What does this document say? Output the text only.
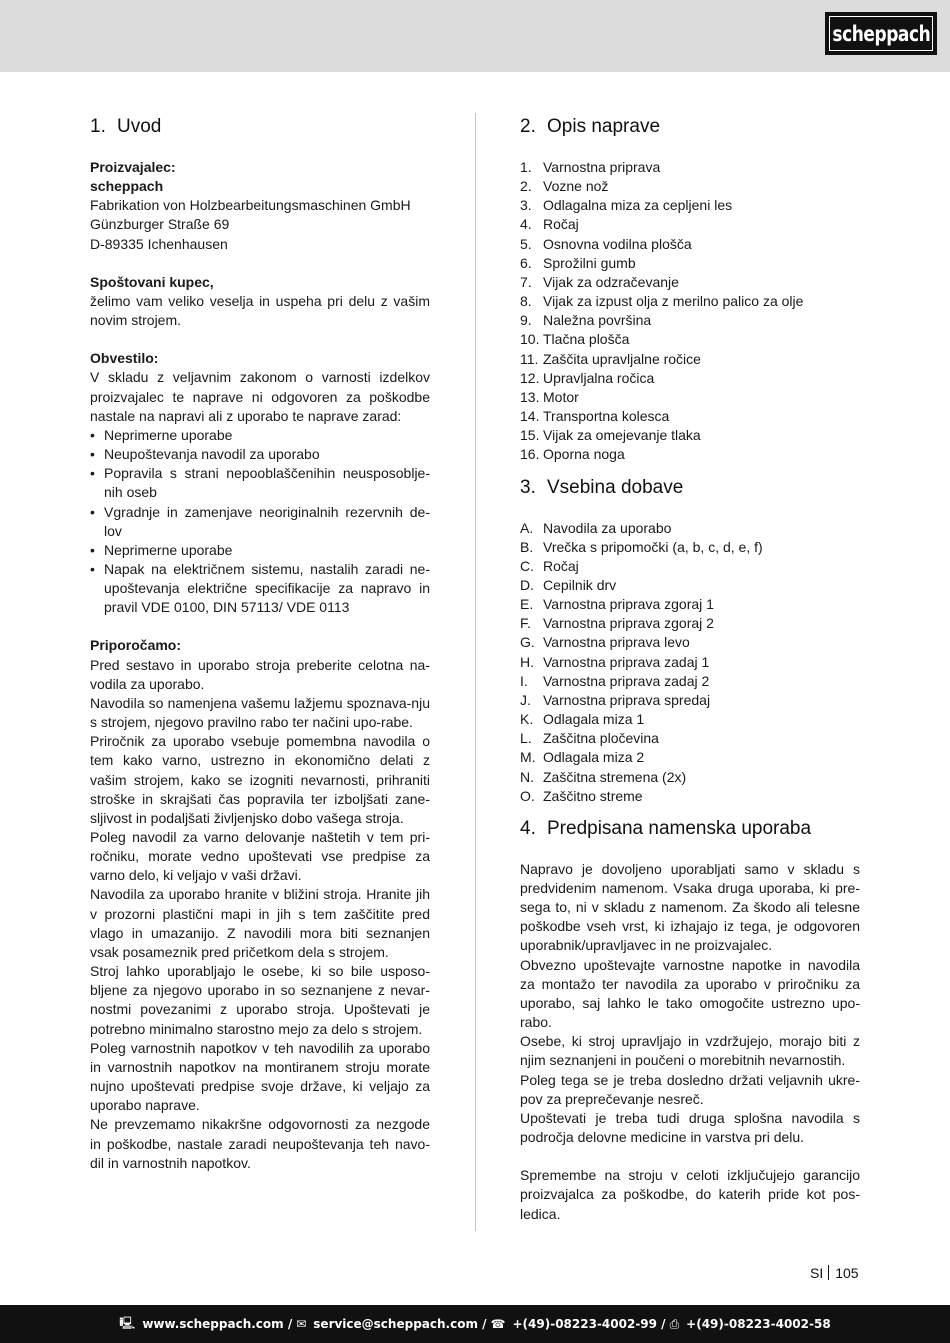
scheppach
1. Uvod
Proizvajalec:
scheppach
Fabrikation von Holzbearbeitungsmaschinen GmbH
Günzburger Straße 69
D-89335 Ichenhausen
Spoštovani kupec,

želimo vam veliko veselja in uspeha pri delu z vašim novim strojem.

Obvestilo:

V skladu z veljavnim zakonom o varnosti izdelkov proizvajalec te naprave ni odgovoren za poškodbe nastale na napravi ali z uporabo te naprave zarad:

• Neprimerne uporabe
• Neupoštevanja navodil za uporabo
• Popravila s strani nepooblaščenihin neusposoblje-nih oseb
• Vgradnje in zamenjave neoriginalnih rezervnih de-lov
• Neprimerne uporabe
• Napak na električnem sistemu, nastalih zaradi ne-upoštevanja električne specifikacije za napravo in pravil VDE 0100, DIN 57113/ VDE 0113
Priporočamo:

Pred sestavo in uporabo stroja preberite celotna na-vodila za uporabo.

Navodila so namenjena vašemu lažjemu spoznava-nju s strojem, njegovo pravilno rabo ter načini upo-rabe.

Priročnik za uporabo vsebuje pomembna navodila o tem kako varno, ustrezno in ekonomično delati z vašim strojem, kako se izogniti nevarnosti, prihraniti stroške in skrajšati čas popravila ter izboljšati zane-sljivost in podaljšati življenjsko dobo vašega stroja.

Poleg navodil za varno delovanje naštetih v tem pri-ročniku, morate vedno upoštevati vse predpise za varno delo, ki veljajo v vaši državi.

Navodila za uporabo hranite v bližini stroja. Hranite jih v prozorni plastični mapi in jih s tem zaščitite pred vlago in umazanijo. Z navodili mora biti seznanjen vsak posameznik pred pričetkom dela s strojem.

Stroj lahko uporabljajo le osebe, ki so bile usposo-bljene za njegovo uporabo in so seznanjene z nevar-nostmi povezanimi z uporabo stroja. Upoštevati je potrebno minimalno starostno mejo za delo s strojem.

Poleg varnostnih napotkov v teh navodilih za uporabo in varnostnih napotkov na montiranem stroju morate nujno upoštevati predpise svoje države, ki veljajo za uporabo naprave.

Ne prevzemamo nikakršne odgovornosti za nezgode in poškodbe, nastale zaradi neupoštevanja teh navo-dil in varnostnih napotkov.

2. Opis naprave
1. Varnostna priprava
2. Vozne nož
3. Odlagalna miza za cepljeni les
4. Ročaj
5. Osnovna vodilna plošča
6. Sprožilni gumb
7. Vijak za odzračevanje
8. Vijak za izpust olja z merilno palico za olje
9. Naležna površina
10. Tlačna plošča
11. Zaščita upravljalne ročice
12. Upravljalna ročica
13. Motor
14. Transportna kolesca
15. Vijak za omejevanje tlaka
16. Oporna noga
3. Vsebina dobave
A. Navodila za uporabo
B. Vrečka s pripomočki (a, b, c, d, e, f)
C. Ročaj
D. Cepilnik drv
E. Varnostna priprava zgoraj 1
F. Varnostna priprava zgoraj 2
G. Varnostna priprava levo
H. Varnostna priprava zadaj 1
I.	Varnostna priprava zadaj 2
J. Varnostna priprava spredaj
K. Odlagala miza 1
L. Zaščitna pločevina
M. Odlagala miza 2
N. Zaščitna stremena (2x)
O. Zaščitno streme
4. Predpisana namenska uporaba

Napravo je dovoljeno uporabljati samo v skladu s predvidenim namenom. Vsaka druga uporaba, ki pre-sega to, ni v skladu z namenom. Za škodo ali telesne poškodbe vseh vrst, ki izhajajo iz tega, je odgovoren uporabnik/upravljavec in ne proizvajalec.

Obvezno upoštevajte varnostne napotke in navodila za montažo ter navodila za uporabo v priročniku za uporabo, saj lahko le tako omogočite ustrezno upo-rabo.

Osebe, ki stroj upravljajo in vzdržujejo, morajo biti z njim seznanjeni in poučeni o morebitnih nevarnostih.

Poleg tega se je treba dosledno držati veljavnih ukre-pov za preprečevanje nesreč.

Upoštevati je treba tudi druga splošna navodila s področja delovne medicine in varstva pri delu.

Spremembe na stroju v celoti izključujejo garancijo proizvajalca za poškodbe, do katerih pride kot pos-ledica.

SI 105
🖳 www.scheppach.com / ✉ service@scheppach.com / ☎ +(49)-08223-4002-99 / ⎙ +(49)-08223-4002-58
